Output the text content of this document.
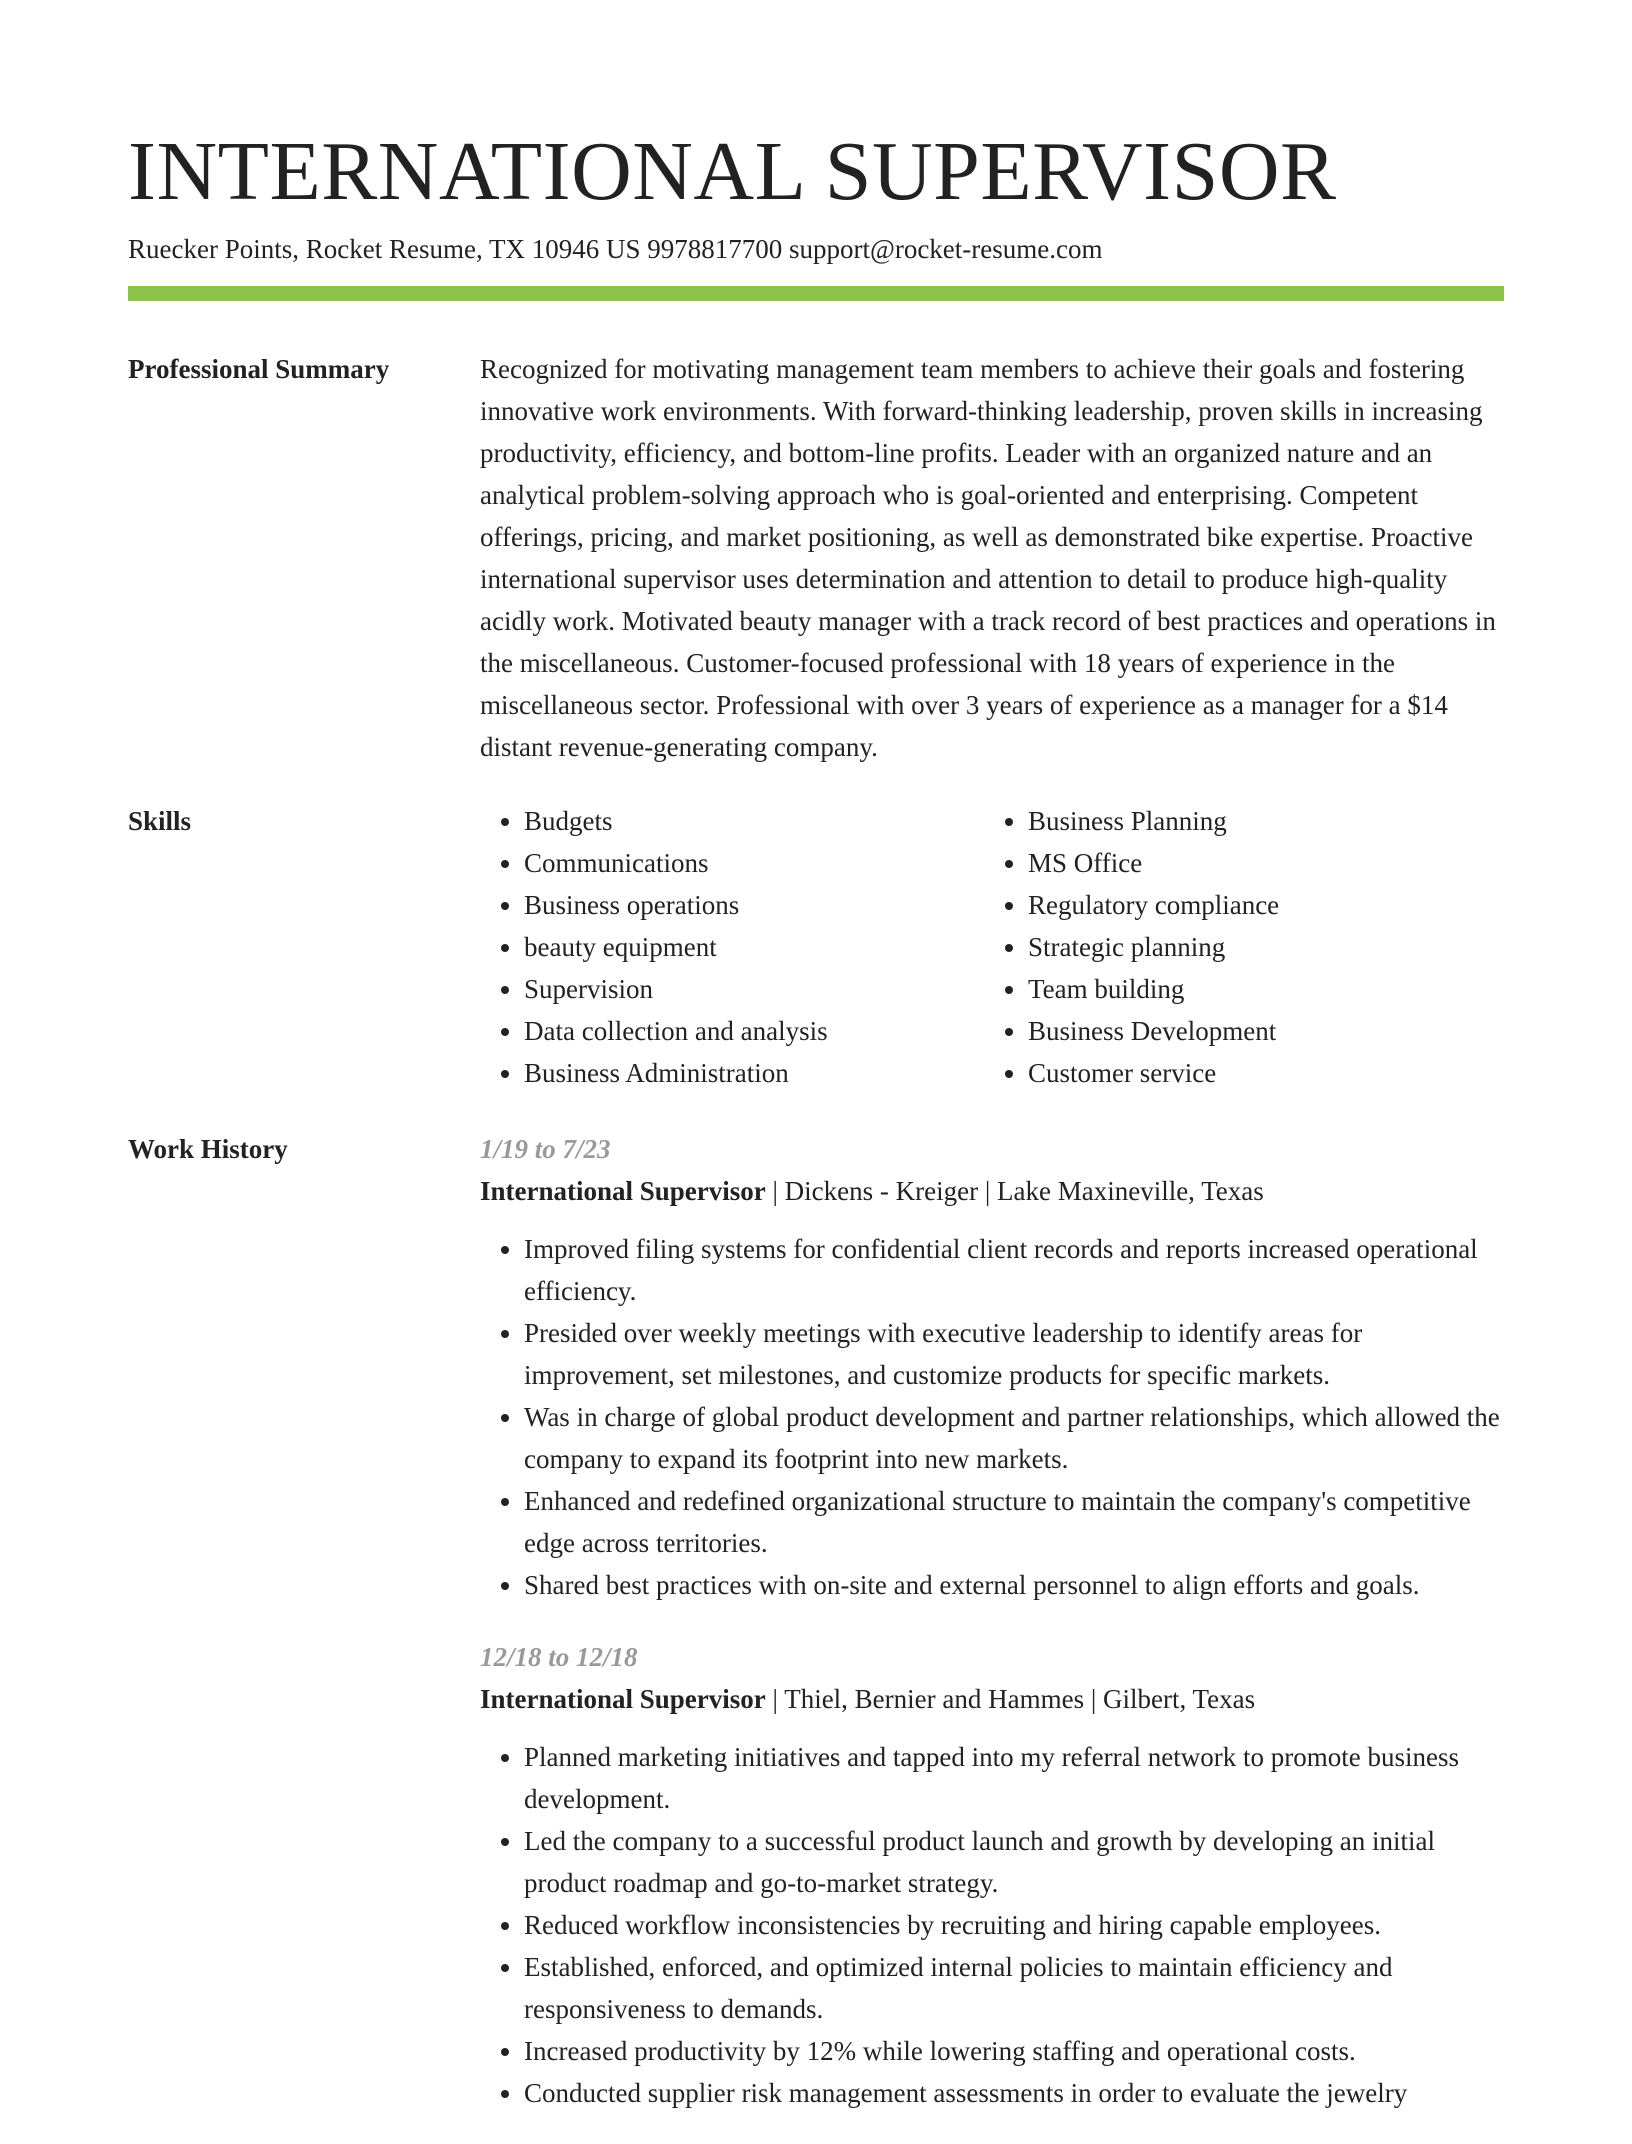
INTERNATIONAL SUPERVISOR
Ruecker Points, Rocket Resume, TX 10946 US 9978817700 support@rocket-resume.com
Professional Summary	Recognized for motivating management team members to achieve their goals and fostering innovative work environments. With forward-thinking leadership, proven skills in increasing productivity, efficiency, and bottom-line profits. Leader with an organized nature and an analytical problem-solving approach who is goal-oriented and enterprising. Competent offerings, pricing, and market positioning, as well as demonstrated bike expertise. Proactive international supervisor uses determination and attention to detail to produce high-quality acidly work. Motivated beauty manager with a track record of best practices and operations in the miscellaneous. Customer-focused professional with 18 years of experience in the miscellaneous sector. Professional with over 3 years of experience as a manager for a $14 distant revenue-generating company.

Skills
•	Budgets
• Communications
• Business operations
• beauty equipment
• Supervision
• Data collection and analysis
• Business Administration
• Business Planning
• MS Office
• Regulatory compliance
• Strategic planning
• Team building
• Business Development
• Customer service
Work History	1/19 to 7/23
International Supervisor | Dickens - Kreiger | Lake Maxineville, Texas
• Improved filing systems for confidential client records and reports increased operational efficiency.
• Presided over weekly meetings with executive leadership to identify areas for improvement, set milestones, and customize products for specific markets.
• Was in charge of global product development and partner relationships, which allowed the company to expand its footprint into new markets.
• Enhanced and redefined organizational structure to maintain the company's competitive edge across territories.
• Shared best practices with on-site and external personnel to align efforts and goals.
12/18 to 12/18
International Supervisor | Thiel, Bernier and Hammes | Gilbert, Texas
• Planned marketing initiatives and tapped into my referral network to promote business development.
• Led the company to a successful product launch and growth by developing an initial product roadmap and go-to-market strategy.
• Reduced workflow inconsistencies by recruiting and hiring capable employees.
• Established, enforced, and optimized internal policies to maintain efficiency and responsiveness to demands.
• Increased productivity by 12% while lowering staffing and operational costs.
• Conducted supplier risk management assessments in order to evaluate the jewelry
